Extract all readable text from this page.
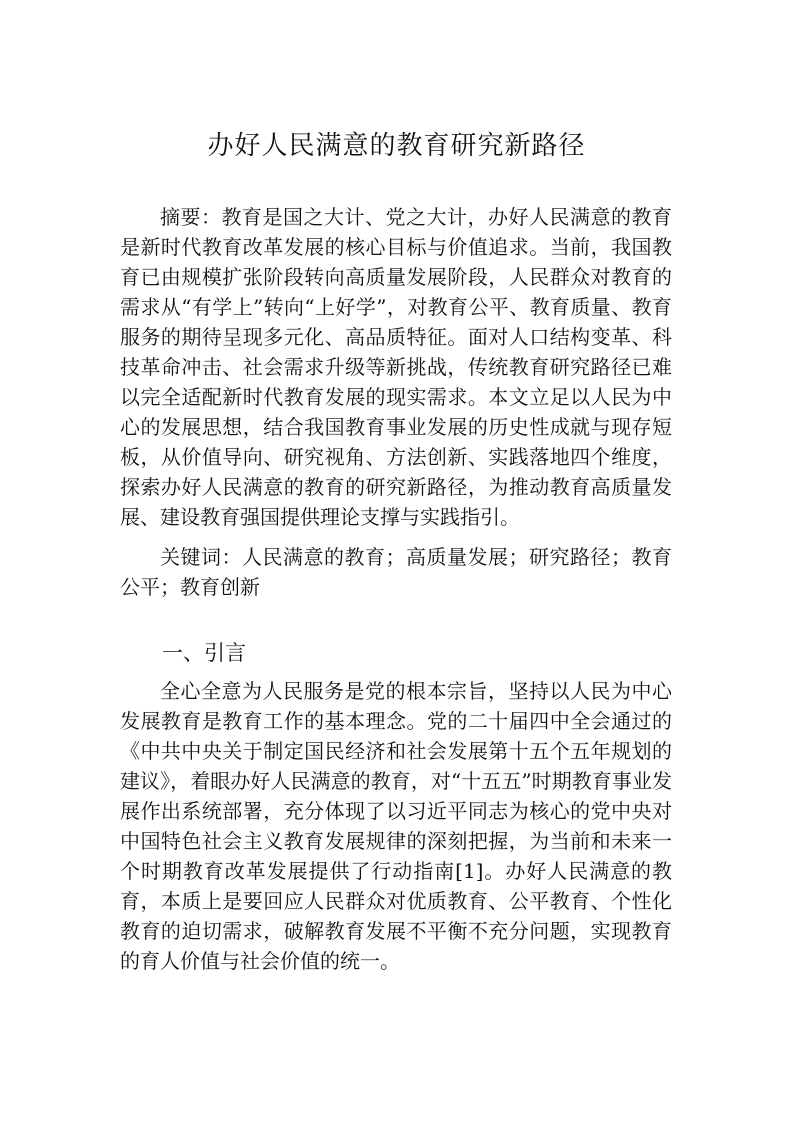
办好人民满意的教育研究新路径

摘要：教育是国之大计、党之大计，办好人民满意的教育是新时代教育改革发展的核心目标与价值追求。当前，我国教育已由规模扩张阶段转向高质量发展阶段，人民群众对教育的需求从“有学上”转向“上好学”，对教育公平、教育质量、教育服务的期待呈现多元化、高品质特征。面对人口结构变革、科技革命冲击、社会需求升级等新挑战，传统教育研究路径已难以完全适配新时代教育发展的现实需求。本文立足以人民为中心的发展思想，结合我国教育事业发展的历史性成就与现存短板，从价值导向、研究视角、方法创新、实践落地四个维度，探索办好人民满意的教育的研究新路径，为推动教育高质量发展、建设教育强国提供理论支撑与实践指引。

关键词：人民满意的教育；高质量发展；研究路径；教育公平；教育创新

一、引言

全心全意为人民服务是党的根本宗旨，坚持以人民为中心发展教育是教育工作的基本理念。党的二十届四中全会通过的《中共中央关于制定国民经济和社会发展第十五个五年规划的建议》，着眼办好人民满意的教育，对“十五五”时期教育事业发展作出系统部署，充分体现了以习近平同志为核心的党中央对中国特色社会主义教育发展规律的深刻把握，为当前和未来一个时期教育改革发展提供了行动指南[1]。办好人民满意的教育，本质上是要回应人民群众对优质教育、公平教育、个性化教育的迫切需求，破解教育发展不平衡不充分问题，实现教育的育人价值与社会价值的统一。
